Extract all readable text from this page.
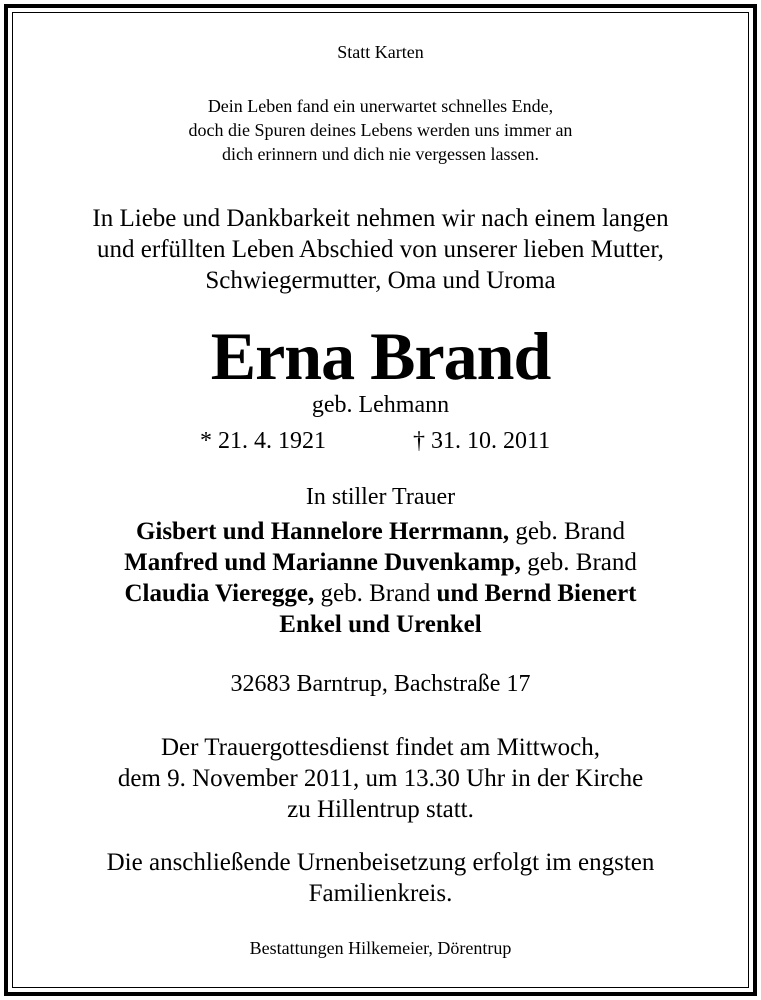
Statt Karten
Dein Leben fand ein unerwartet schnelles Ende,
doch die Spuren deines Lebens werden uns immer an
dich erinnern und dich nie vergessen lassen.
In Liebe und Dankbarkeit nehmen wir nach einem langen
und erfüllten Leben Abschied von unserer lieben Mutter,
Schwiegermutter, Oma und Uroma
Erna Brand
geb. Lehmann
* 21. 4. 1921	† 31. 10. 2011
In stiller Trauer
Gisbert und Hannelore Herrmann, geb. Brand
Manfred und Marianne Duvenkamp, geb. Brand
Claudia Vieregge, geb. Brand und Bernd Bienert
Enkel und Urenkel
32683 Barntrup, Bachstraße 17
Der Trauergottesdienst findet am Mittwoch,
dem 9. November 2011, um 13.30 Uhr in der Kirche
zu Hillentrup statt.
Die anschließende Urnenbeisetzung erfolgt im engsten
Familienkreis.
Bestattungen Hilkemeier, Dörentrup
